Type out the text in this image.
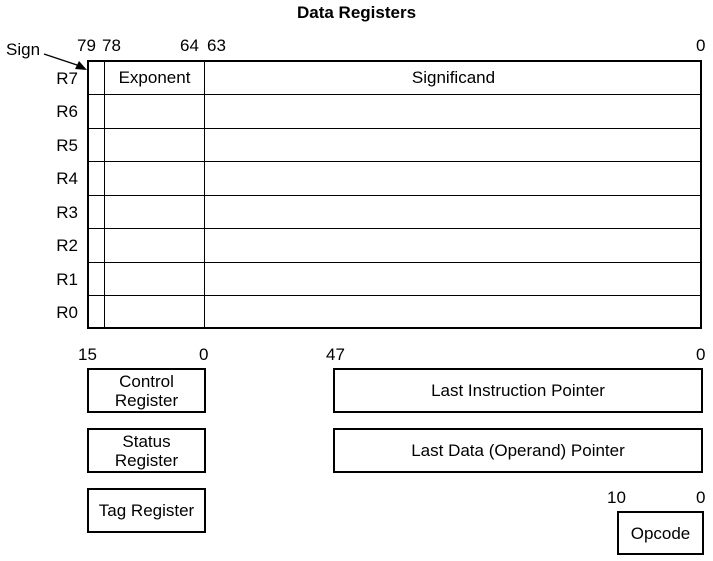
Data Registers
Sign 79 78	64 63	0
Exponent	Significand
R7
R6
R5
R4
R3
R2
R1
R0
15	0	47	0
10	0
Control Register
Status Register
Tag Register
Last Instruction Pointer
Last Data (Operand) Pointer
Opcode
